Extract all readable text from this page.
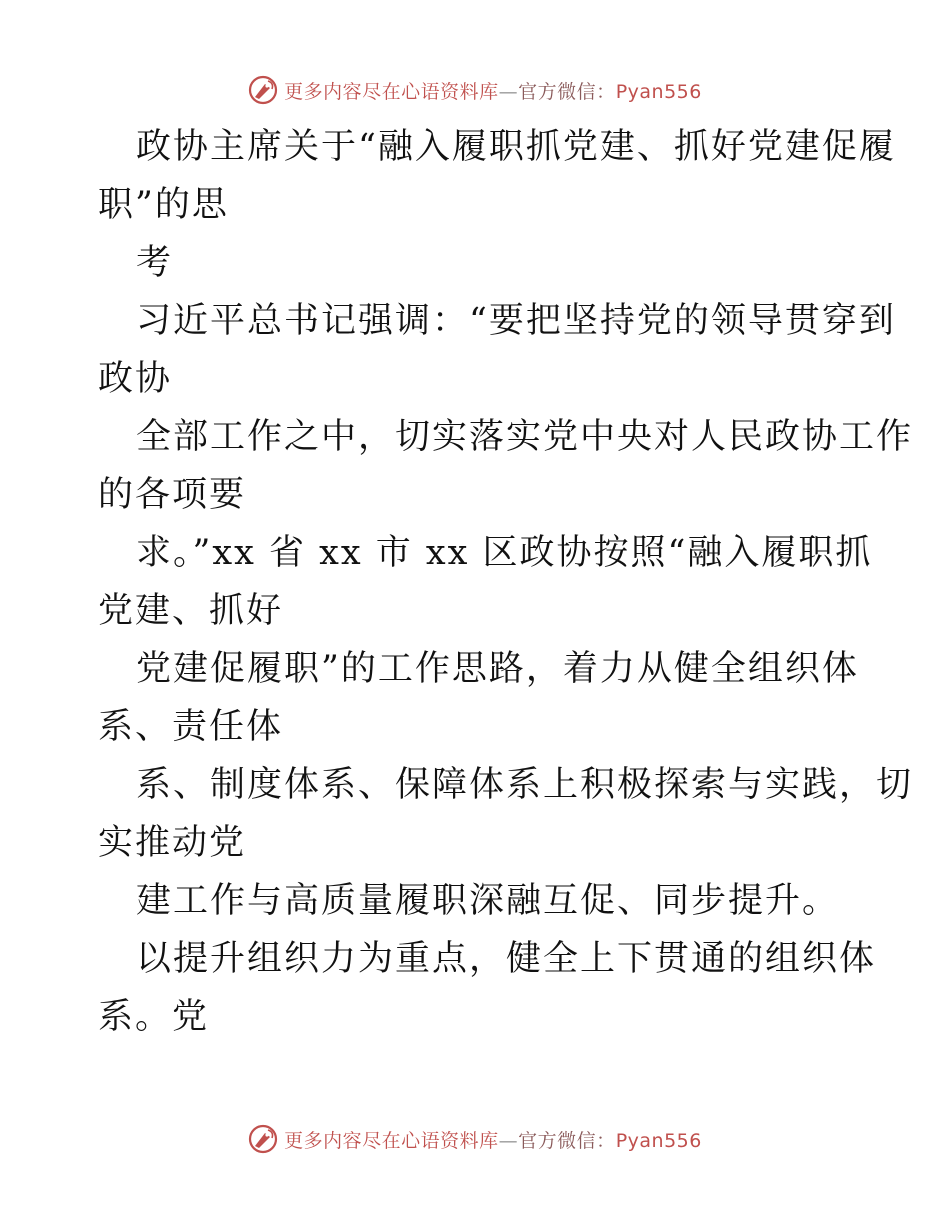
更多内容尽在心语资料库—官方微信：Pyan556
政协主席关于“融入履职抓党建、抓好党建促履
职”的思
考
习近平总书记强调：“要把坚持党的领导贯穿到
政协
全部工作之中，切实落实党中央对人民政协工作
的各项要
求。”xx 省 xx 市 xx 区政协按照“融入履职抓
党建、抓好
党建促履职”的工作思路，着力从健全组织体
系、责任体
系、制度体系、保障体系上积极探索与实践，切
实推动党
建工作与高质量履职深融互促、同步提升。
以提升组织力为重点，健全上下贯通的组织体
系。党
更多内容尽在心语资料库—官方微信：Pyan556
